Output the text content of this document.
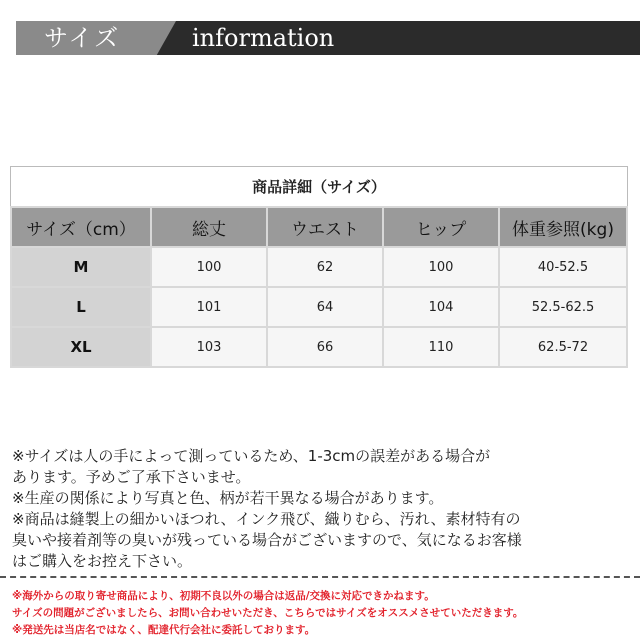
サイズ	information
商品詳細（サイズ）
サイズ（cm）	総丈	ウエスト	ヒップ	体重参照(kg)
M	100	62	100	40-52.5
L	101	64	104	52.5-62.5
XL	103	66	110	62.5-72
※サイズは人の手によって測っているため、1-3cmの誤差がある場合が
あります。予めご了承下さいませ。
※生産の関係により写真と色、柄が若干異なる場合があります。
※商品は縫製上の細かいほつれ、インク飛び、織りむら、汚れ、素材特有の
臭いや接着剤等の臭いが残っている場合がございますので、気になるお客様
はご購入をお控え下さい。
※海外からの取り寄せ商品により、初期不良以外の場合は返品/交換に対応できかねます。
サイズの問題がございましたら、お問い合わせいただき、こちらではサイズをオススメさせていただきます。
※発送先は当店名ではなく、配達代行会社に委託しております。
